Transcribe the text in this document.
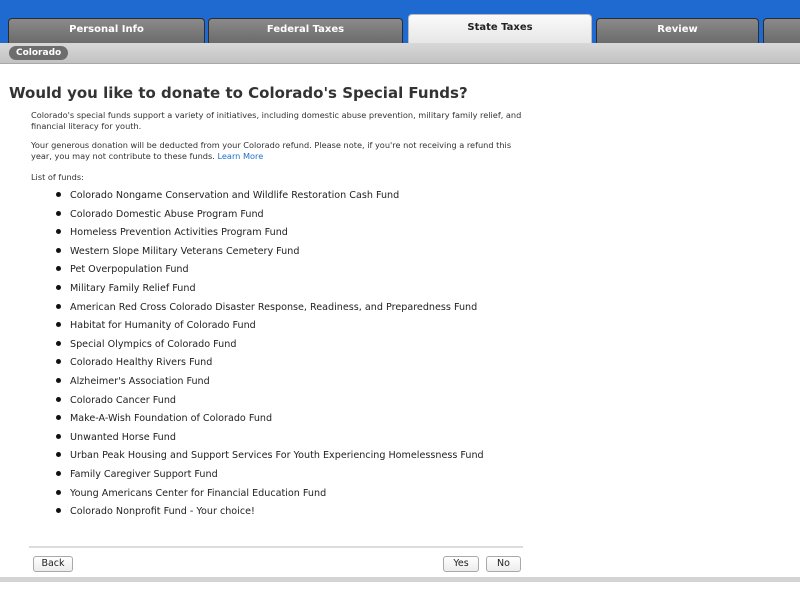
Personal Info	Federal Taxes	State Taxes	Review
Colorado
Would you like to donate to Colorado's Special Funds?

Colorado's special funds support a variety of initiatives, including domestic abuse prevention, military family relief, and financial literacy for youth.

Your generous donation will be deducted from your Colorado refund. Please note, if you're not receiving a refund this year, you may not contribute to these funds. Learn More

List of funds:

Colorado Nongame Conservation and Wildlife Restoration Cash Fund
Colorado Domestic Abuse Program Fund
Homeless Prevention Activities Program Fund
Western Slope Military Veterans Cemetery Fund
Pet Overpopulation Fund
Military Family Relief Fund
American Red Cross Colorado Disaster Response, Readiness, and Preparedness Fund
Habitat for Humanity of Colorado Fund
Special Olympics of Colorado Fund
Colorado Healthy Rivers Fund
Alzheimer's Association Fund
Colorado Cancer Fund
Make-A-Wish Foundation of Colorado Fund
Unwanted Horse Fund
Urban Peak Housing and Support Services For Youth Experiencing Homelessness Fund
Family Caregiver Support Fund
Young Americans Center for Financial Education Fund
Colorado Nonprofit Fund - Your choice!
Back	Yes	No
